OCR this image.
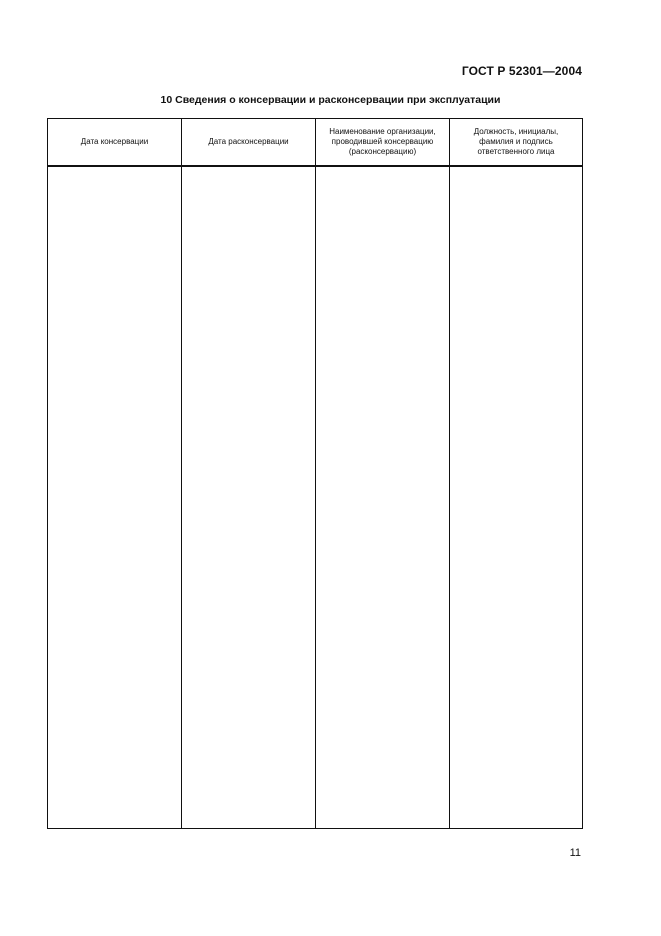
ГОСТ Р 52301—2004
10 Сведения о консервации и расконсервации при эксплуатации
Дата консервации	Дата расконсервации
Наименование организации,
проводившей консервацию
(расконсервацию)
Должность, инициалы,
фамилия и подпись
ответственного лица
11
